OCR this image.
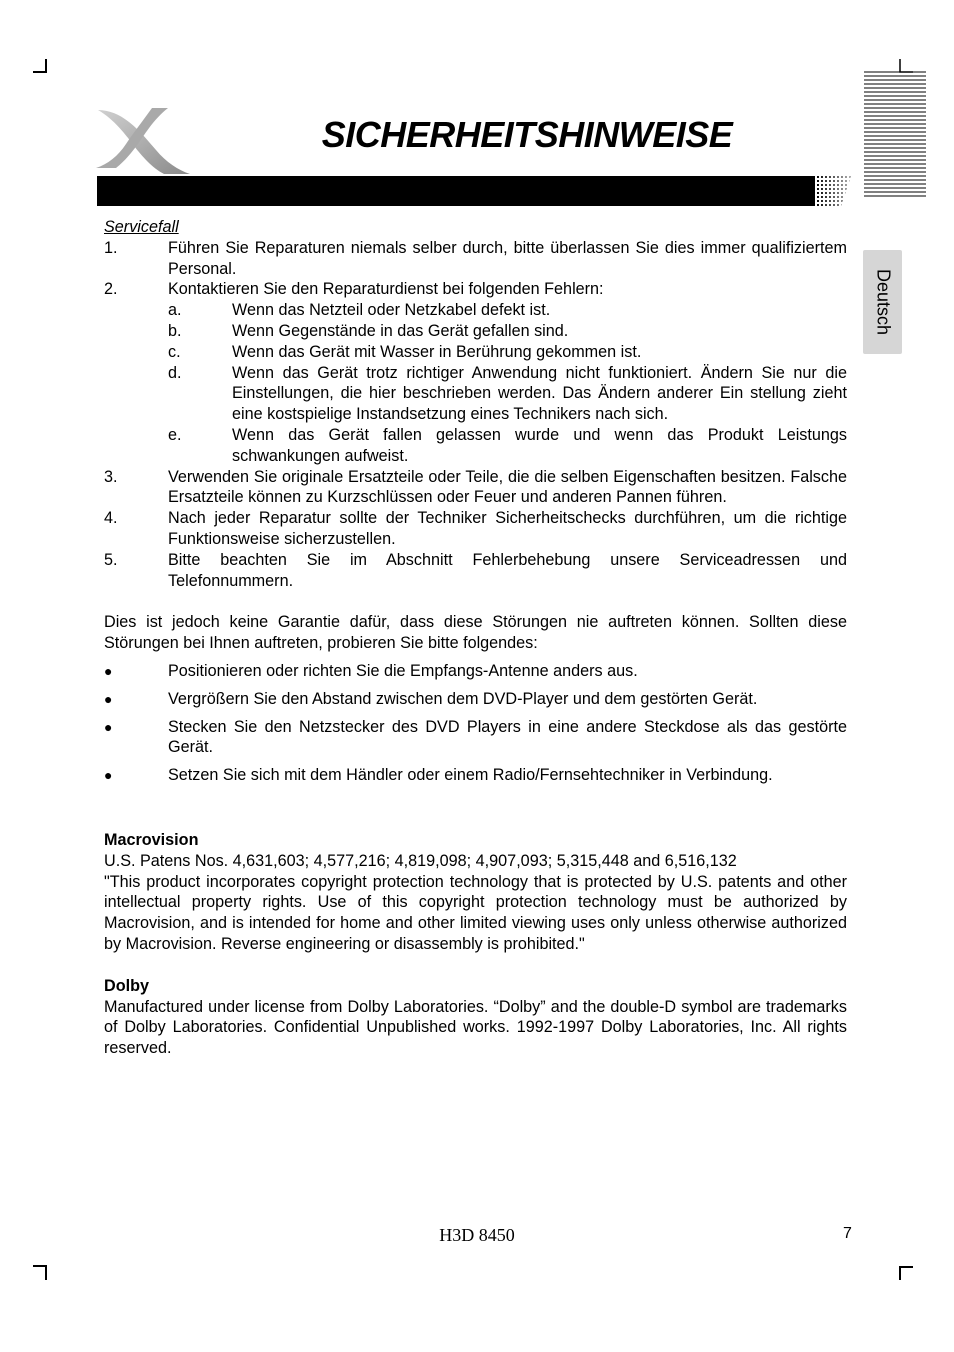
SICHERHEITSHINWEISE
Deutsch

Servicefall

1.	Führen Sie Reparaturen niemals selber durch, bitte überlassen Sie dies immer qualifiziertem Personal.
2.	Kontaktieren Sie den Reparaturdienst bei folgenden Fehlern:
a.	Wenn das Netzteil oder Netzkabel defekt ist.
b.	Wenn Gegenstände in das Gerät gefallen sind.
c.	Wenn das Gerät mit Wasser in Berührung gekommen ist.
d.	Wenn das Gerät trotz richtiger Anwendung nicht funktioniert. Ändern Sie nur die Einstellungen, die hier beschrieben werden. Das Ändern anderer Ein stellung zieht eine kostspielige Instandsetzung eines Technikers nach sich.
e.	Wenn das Gerät fallen gelassen wurde und wenn das Produkt Leistungs schwankungen aufweist.
3.	Verwenden Sie originale Ersatzteile oder Teile, die die selben Eigenschaften besitzen. Falsche Ersatzteile können zu Kurzschlüssen oder Feuer und anderen Pannen führen.
4.	Nach jeder Reparatur sollte der Techniker Sicherheitschecks durchführen, um die richtige Funktionsweise sicherzustellen.
5.	Bitte beachten Sie im Abschnitt Fehlerbehebung unsere Serviceadressen und Telefonnummern.

Dies ist jedoch keine Garantie dafür, dass diese Störungen nie auftreten können. Sollten diese Störungen bei Ihnen auftreten, probieren Sie bitte folgendes:

●	Positionieren oder richten Sie die Empfangs-Antenne anders aus.
●	Vergrößern Sie den Abstand zwischen dem DVD-Player und dem gestörten Gerät.
●	Stecken Sie den Netzstecker des DVD Players in eine andere Steckdose als das gestörte Gerät.
●	Setzen Sie sich mit dem Händler oder einem Radio/Fernsehtechniker in Verbindung.

Macrovision

U.S. Patens Nos. 4,631,603; 4,577,216; 4,819,098; 4,907,093; 5,315,448 and 6,516,132

"This product incorporates copyright protection technology that is protected by U.S. patents and other intellectual property rights. Use of this copyright protection technology must be authorized by Macrovision, and is intended for home and other limited viewing uses only unless otherwise authorized by Macrovision. Reverse engineering or disassembly is prohibited."

Dolby

Manufactured under license from Dolby Laboratories. “Dolby” and the double-D symbol are trademarks of Dolby Laboratories. Confidential Unpublished works. 1992-1997 Dolby Laboratories, Inc. All rights reserved.

H3D 8450	7
